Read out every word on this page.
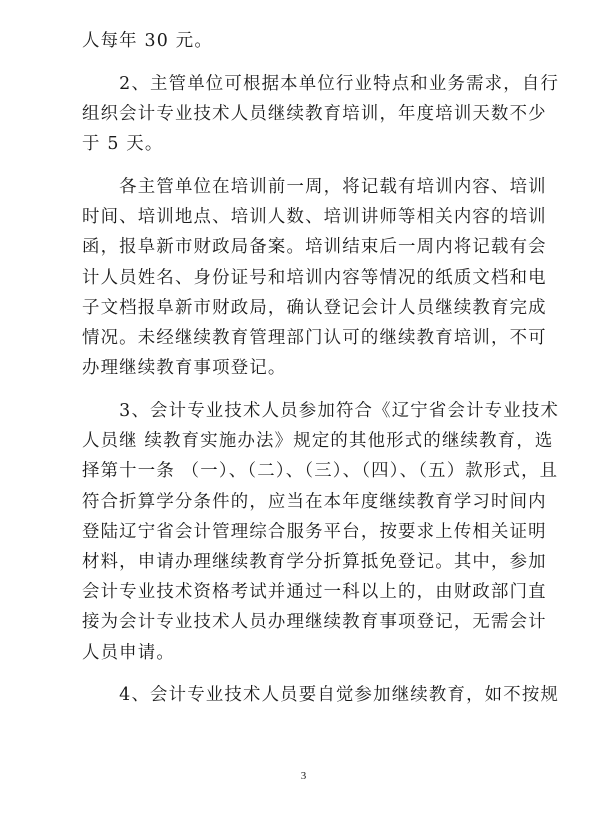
人每年 30 元。
　　2、主管单位可根据本单位行业特点和业务需求，自行
组织会计专业技术人员继续教育培训，年度培训天数不少
于 5 天。
　　各主管单位在培训前一周，将记载有培训内容、培训
时间、培训地点、培训人数、培训讲师等相关内容的培训
函，报阜新市财政局备案。培训结束后一周内将记载有会
计人员姓名、身份证号和培训内容等情况的纸质文档和电
子文档报阜新市财政局，确认登记会计人员继续教育完成
情况。未经继续教育管理部门认可的继续教育培训，不可
办理继续教育事项登记。
　　3、会计专业技术人员参加符合《辽宁省会计专业技术
人员继 续教育实施办法》规定的其他形式的继续教育，选
择第十一条 （一）、（二）、（三）、（四）、（五）款形式，且
符合折算学分条件的，应当在本年度继续教育学习时间内
登陆辽宁省会计管理综合服务平台，按要求上传相关证明
材料，申请办理继续教育学分折算抵免登记。其中，参加
会计专业技术资格考试并通过一科以上的，由财政部门直
接为会计专业技术人员办理继续教育事项登记，无需会计
人员申请。
　　4、会计专业技术人员要自觉参加继续教育，如不按规
3
